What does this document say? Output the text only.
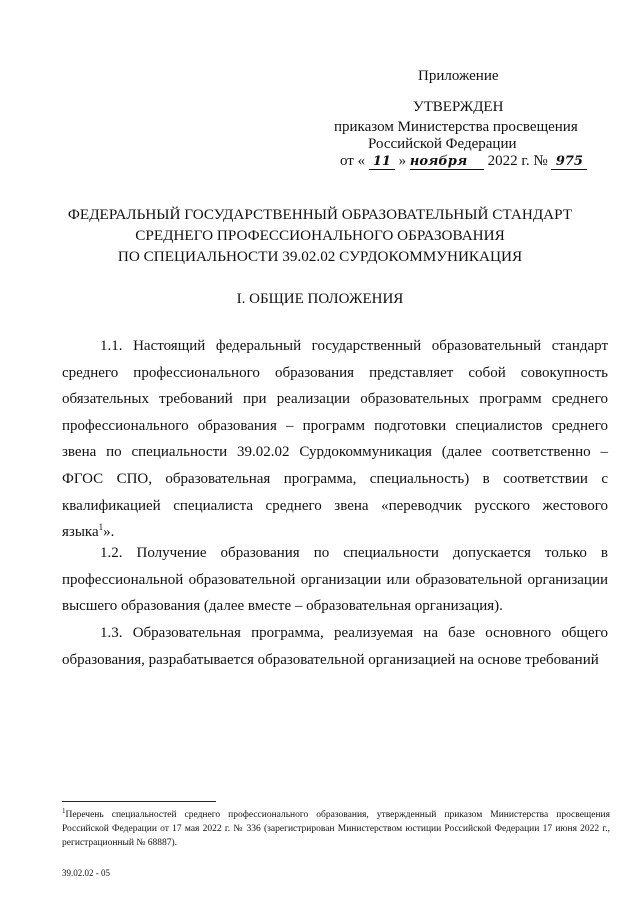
Приложение
УТВЕРЖДЕН
приказом Министерства просвещения
Российской Федерации
от « 11 » ноября 2022 г. № 975
ФЕДЕРАЛЬНЫЙ ГОСУДАРСТВЕННЫЙ ОБРАЗОВАТЕЛЬНЫЙ СТАНДАРТ
СРЕДНЕГО ПРОФЕССИОНАЛЬНОГО ОБРАЗОВАНИЯ
ПО СПЕЦИАЛЬНОСТИ 39.02.02 СУРДОКОММУНИКАЦИЯ
I. ОБЩИЕ ПОЛОЖЕНИЯ
1.1. Настоящий федеральный государственный образовательный стандарт среднего профессионального образования представляет собой совокупность обязательных требований при реализации образовательных программ среднего профессионального образования – программ подготовки специалистов среднего звена по специальности 39.02.02 Сурдокоммуникация (далее соответственно – ФГОС СПО, образовательная программа, специальность) в соответствии с квалификацией специалиста среднего звена «переводчик русского жестового языка$^1$».
1.2. Получение образования по специальности допускается только в профессиональной образовательной организации или образовательной организации высшего образования (далее вместе – образовательная организация).
1.3. Образовательная программа, реализуемая на базе основного общего образования, разрабатывается образовательной организацией на основе требований
$^1$Перечень специальностей среднего профессионального образования, утвержденный приказом Министерства просвещения Российской Федерации от 17 мая 2022 г. № 336 (зарегистрирован Министерством юстиции Российской Федерации 17 июня 2022 г., регистрационный № 68887).
39.02.02 - 05
